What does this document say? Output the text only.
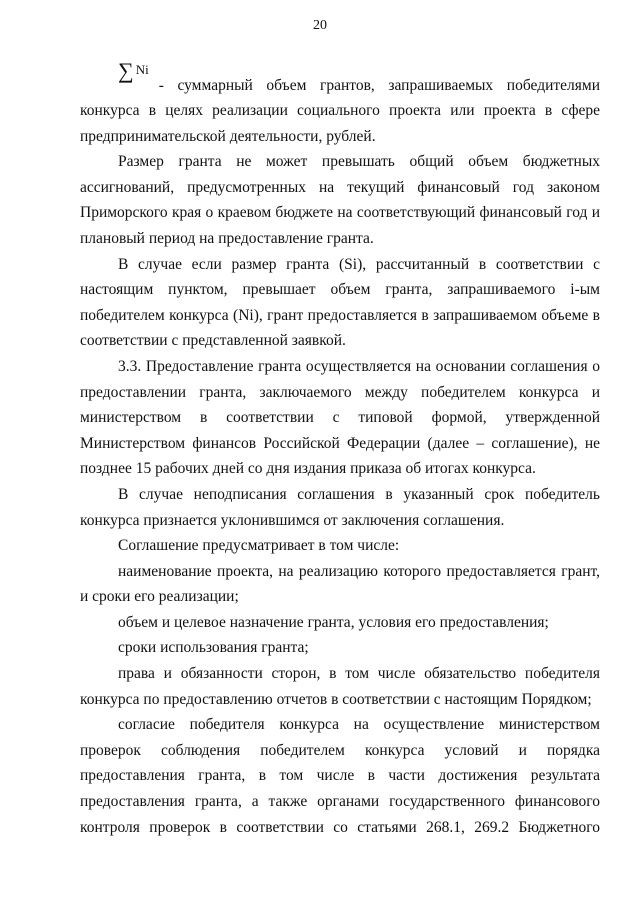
20
∑ Ni
- суммарный объем грантов, запрашиваемых победителями

конкурса в целях реализации социального проекта или проекта в сфере предпринимательской деятельности, рублей.

Размер гранта не может превышать общий объем бюджетных ассигнований, предусмотренных на текущий финансовый год законом Приморского края о краевом бюджете на соответствующий финансовый год и плановый период на предоставление гранта.

В случае если размер гранта (Si), рассчитанный в соответствии с настоящим пунктом, превышает объем гранта, запрашиваемого i-ым победителем конкурса (Ni), грант предоставляется в запрашиваемом объеме в соответствии с представленной заявкой.

3.3. Предоставление гранта осуществляется на основании соглашения о предоставлении гранта, заключаемого между победителем конкурса и министерством в соответствии с типовой формой, утвержденной Министерством финансов Российской Федерации (далее – соглашение), не позднее 15 рабочих дней со дня издания приказа об итогах конкурса.

В случае неподписания соглашения в указанный срок победитель конкурса признается уклонившимся от заключения соглашения.

Соглашение предусматривает в том числе:

наименование проекта, на реализацию которого предоставляется грант, и сроки его реализации;

объем и целевое назначение гранта, условия его предоставления;

сроки использования гранта;

права и обязанности сторон, в том числе обязательство победителя конкурса по предоставлению отчетов в соответствии с настоящим Порядком;

согласие победителя конкурса на осуществление министерством проверок соблюдения победителем конкурса условий и порядка предоставления гранта, в том числе в части достижения результата предоставления гранта, а также органами государственного финансового контроля проверок в соответствии со статьями 268.1, 269.2 Бюджетного
